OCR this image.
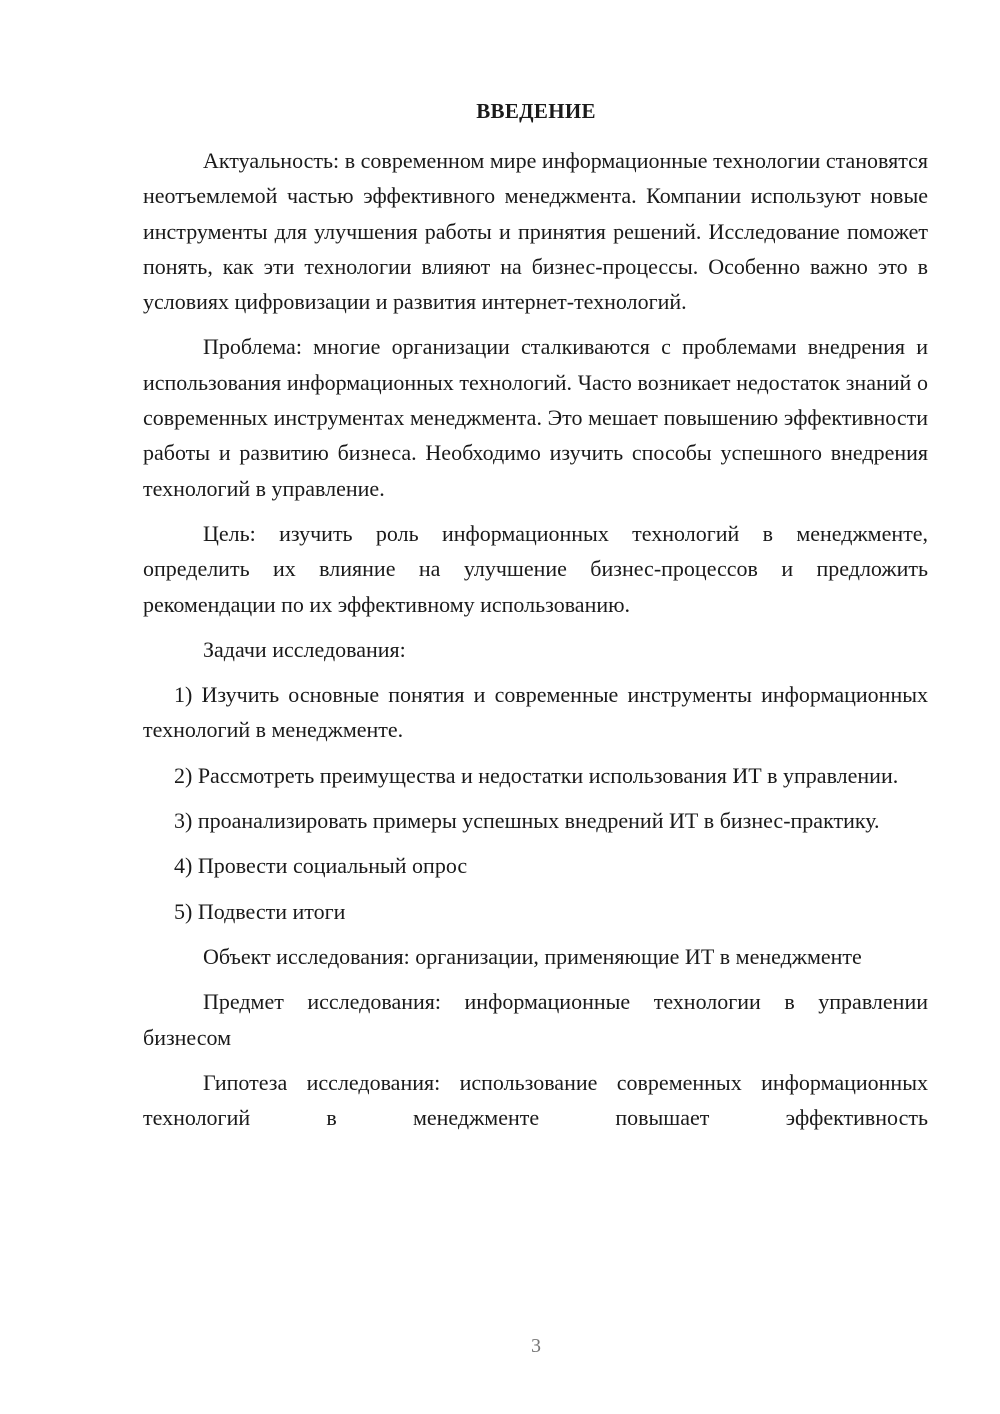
ВВЕДЕНИЕ

Актуальность: в современном мире информационные технологии становятся неотъемлемой частью эффективного менеджмента. Компании используют новые инструменты для улучшения работы и принятия решений. Исследование поможет понять, как эти технологии влияют на бизнес-процессы. Особенно важно это в условиях цифровизации и развития интернет-технологий.

Проблема: многие организации сталкиваются с проблемами внедрения и использования информационных технологий. Часто возникает недостаток знаний о современных инструментах менеджмента. Это мешает повышению эффективности работы и развитию бизнеса. Необходимо изучить способы успешного внедрения технологий в управление.

Цель: изучить роль информационных технологий в менеджменте, определить их влияние на улучшение бизнес-процессов и предложить рекомендации по их эффективному использованию.

Задачи исследования:

1) Изучить основные понятия и современные инструменты информационных технологий в менеджменте.

2) Рассмотреть преимущества и недостатки использования ИТ в управлении.

3) проанализировать примеры успешных внедрений ИТ в бизнес-практику.

4) Провести социальный опрос

5) Подвести итоги

Объект исследования: организации, применяющие ИТ в менеджменте

Предмет исследования: информационные технологии в управлении бизнесом

Гипотеза исследования: использование современных информационных технологий в менеджменте повышает эффективность

3
